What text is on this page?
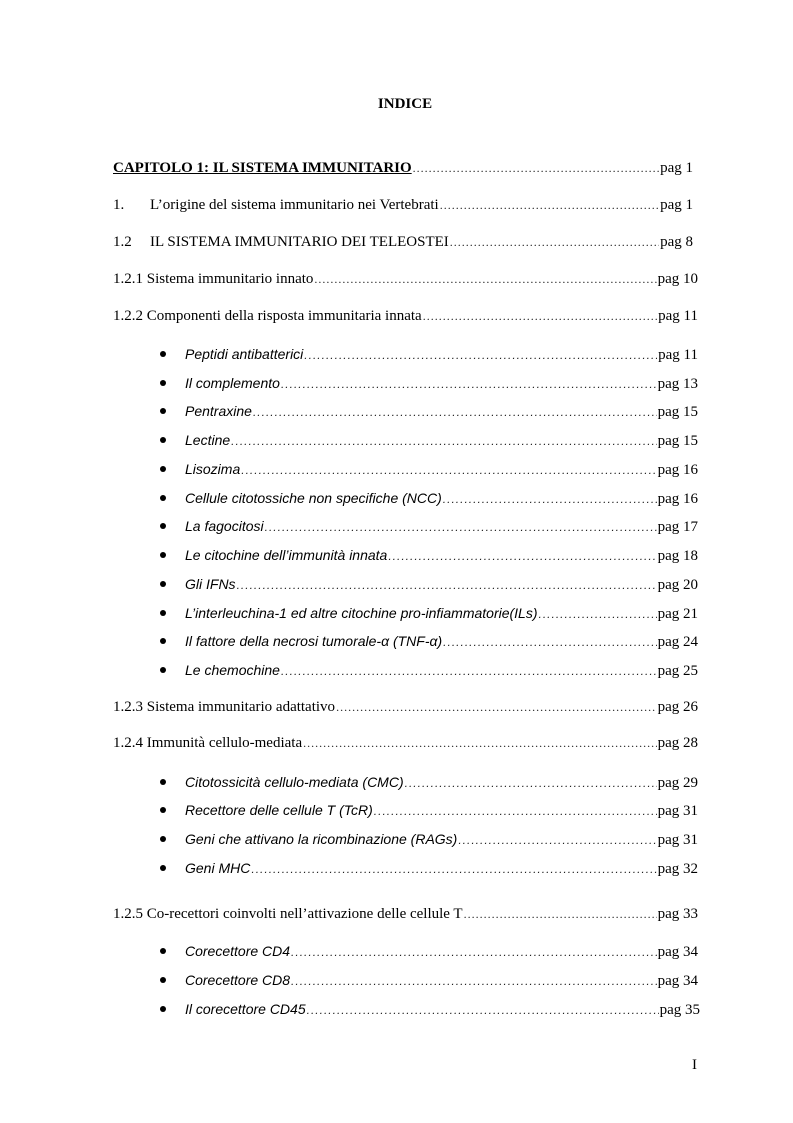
INDICE
CAPITOLO 1: IL SISTEMA IMMUNITARIO .....	pag 1
1. L’origine del sistema immunitario nei Vertebrati .....	pag 1
1.2 IL SISTEMA IMMUNITARIO DEI TELEOSTEI .....	pag 8
1.2.1 Sistema immunitario innato .....	pag 10
1.2.2 Componenti della risposta immunitaria innata .....	pag 11
Peptidi antibatterici .....	pag 11
Il complemento .....	pag 13
Pentraxine .....	pag 15
Lectine .....	pag 15
Lisozima .....	pag 16
Cellule citotossiche non specifiche (NCC) .....	pag 16
La fagocitosi .....	pag 17
Le citochine dell’immunità innata .....	pag 18
Gli IFNs .....	pag 20
L’interleuchina-1 ed altre citochine pro-infiammatorie(ILs) .....	pag 21
Il fattore della necrosi tumorale-α (TNF-α) .....	pag 24
Le chemochine .....	pag 25
1.2.3 Sistema immunitario adattativo .....	pag 26
1.2.4 Immunità cellulo-mediata .....	pag 28
Citotossicità cellulo-mediata (CMC) .....	pag 29
Recettore delle cellule T (TcR) .....	pag 31
Geni che attivano la ricombinazione (RAGs) .....	pag 31
Geni MHC .....	pag 32
1.2.5 Co-recettori coinvolti nell’attivazione delle cellule T .....	pag 33
Corecettore CD4 .....	pag 34
Corecettore CD8 .....	pag 34
Il corecettore CD45 .....	pag 35
I
